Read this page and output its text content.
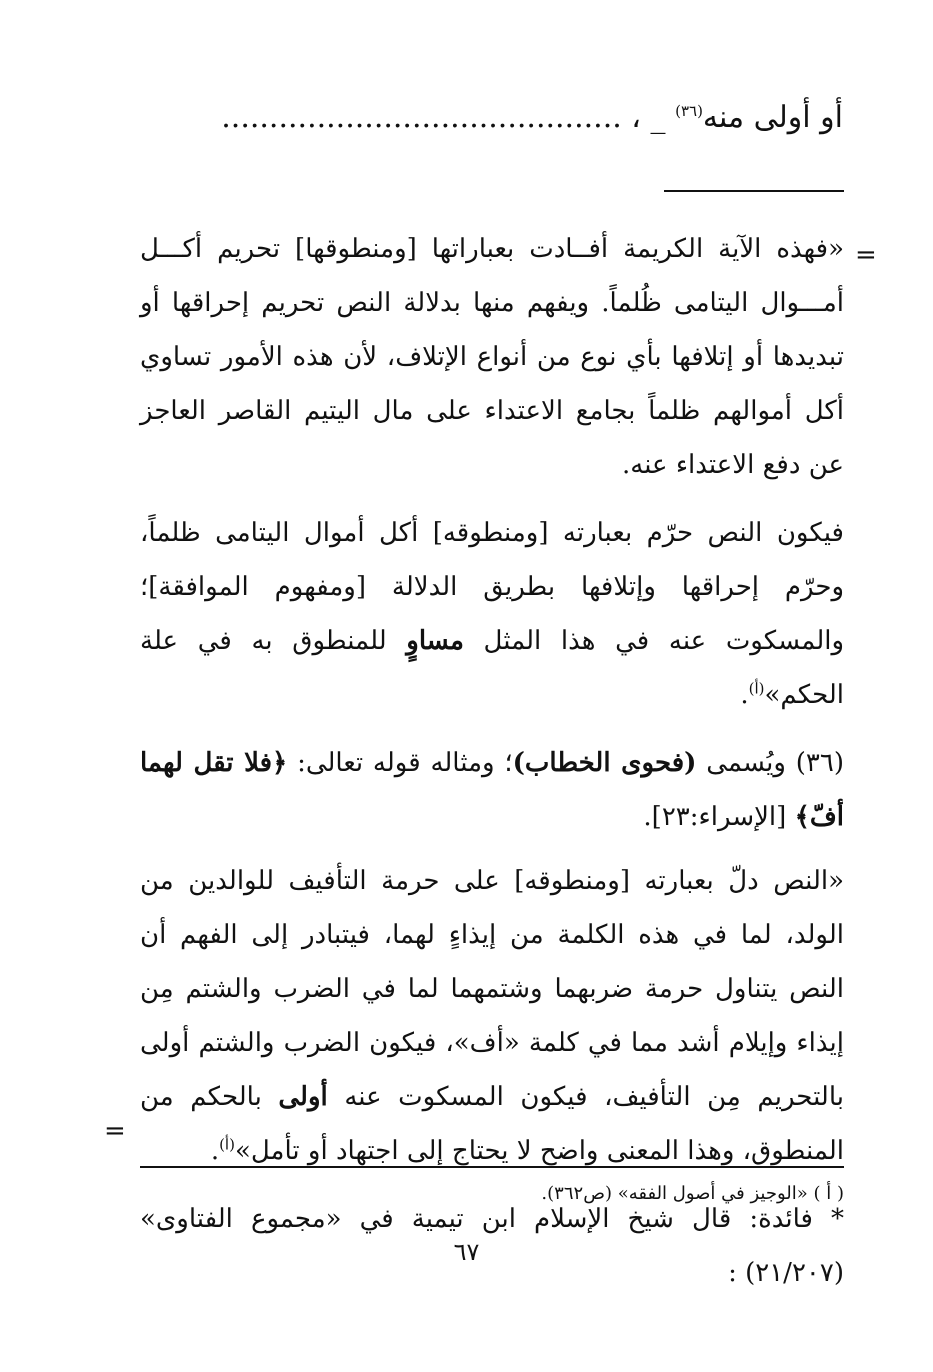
أو أولى منه$^{(٣٦)}$ _ ، ..........................................
=

«فهذه الآية الكريمة أفــادت بعباراتها [ومنطوقها] تحريم أكـــل أمـــوال اليتامى ظُلماً. ويفهم منها بدلالة النص تحريم إحراقها أو تبديدها أو إتلافها بأي نوع من أنواع الإتلاف، لأن هذه الأمور تساوي أكل أموالهم ظلماً بجامع الاعتداء على مال اليتيم القاصر العاجز عن دفع الاعتداء عنه.

فيكون النص حرّم بعبارته [ومنطوقه] أكل أموال اليتامى ظلماً، وحرّم إحراقها وإتلافها بطريق الدلالة [ومفهوم الموافقة]؛ والمسكوت عنه في هذا المثل مساوٍ للمنطوق به في علة الحكم»$^{(أ)}$.

(٣٦) ويُسمى (فحوى الخطاب)؛ ومثاله قوله تعالى: ﴿فلا تقل لهما أفّ﴾ [الإسراء:٢٣].

«النص دلّ بعبارته [ومنطوقه] على حرمة التأفيف للوالدين من الولد، لما في هذه الكلمة من إيذاءٍ لهما، فيتبادر إلى الفهم أن النص يتناول حرمة ضربهما وشتمهما لما في الضرب والشتم مِن إيذاء وإيلام أشد مما في كلمة «أف»، فيكون الضرب والشتم أولى بالتحريم مِن التأفيف، فيكون المسكوت عنه أولى بالحكم من المنطوق، وهذا المعنى واضح لا يحتاج إلى اجتهاد أو تأمل»$^{(أ)}$.

* فائدة: قال شيخ الإسلام ابن تيمية في «مجموع الفتاوى» (٢١/٢٠٧) :

=
( أ ) «الوجيز في أصول الفقه» (ص٣٦٢).
٦٧
